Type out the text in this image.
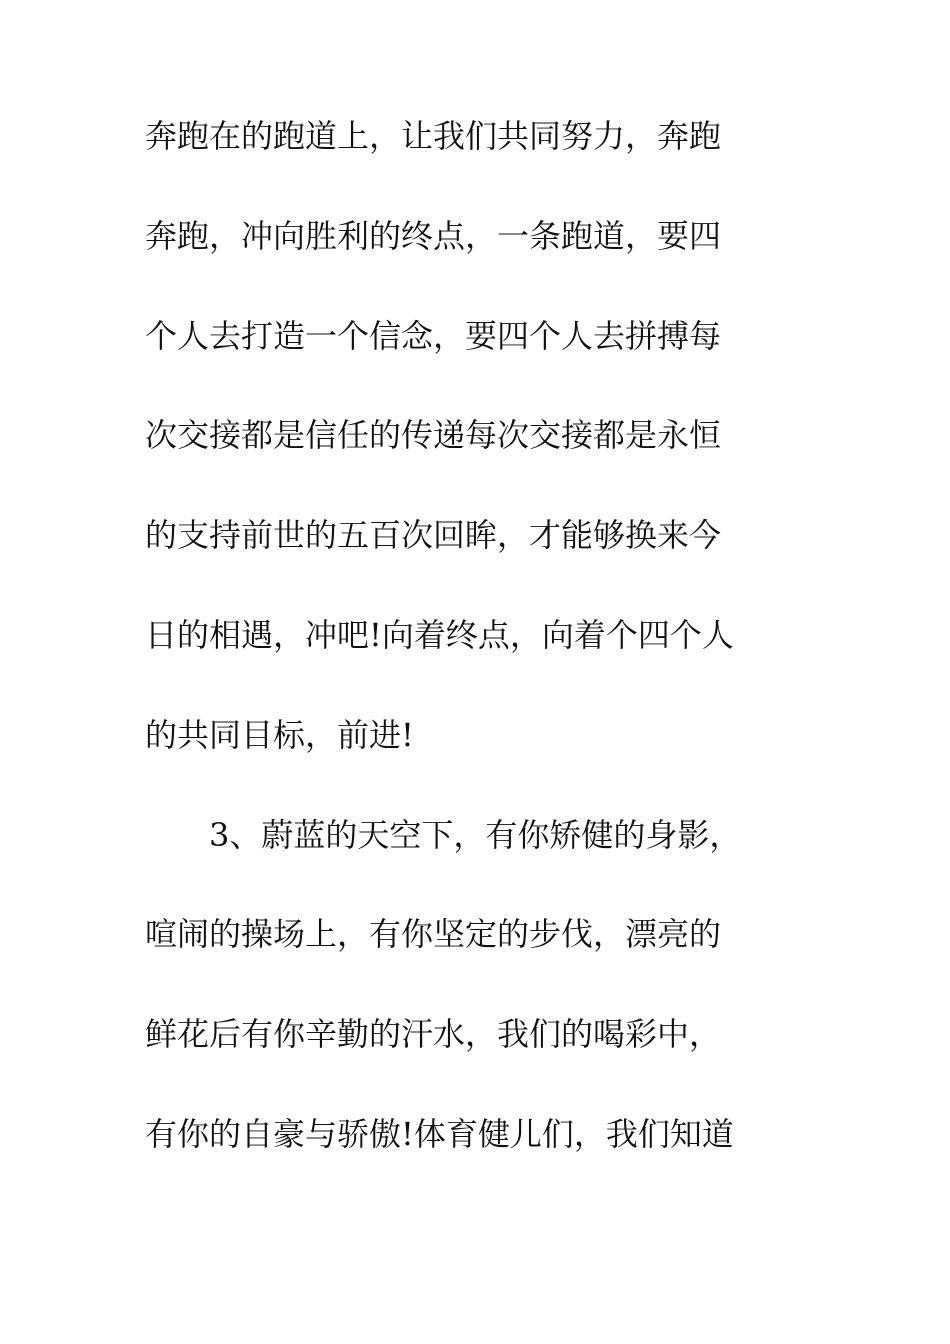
奔跑在的跑道上，让我们共同努力，奔跑
奔跑，冲向胜利的终点，一条跑道，要四
个人去打造一个信念，要四个人去拼搏每
次交接都是信任的传递每次交接都是永恒
的支持前世的五百次回眸，才能够换来今
日的相遇，冲吧!向着终点，向着个四个人
的共同目标，前进!
3、蔚蓝的天空下，有你矫健的身影，
喧闹的操场上，有你坚定的步伐，漂亮的
鲜花后有你辛勤的汗水，我们的喝彩中，
有你的自豪与骄傲!体育健儿们，我们知道
